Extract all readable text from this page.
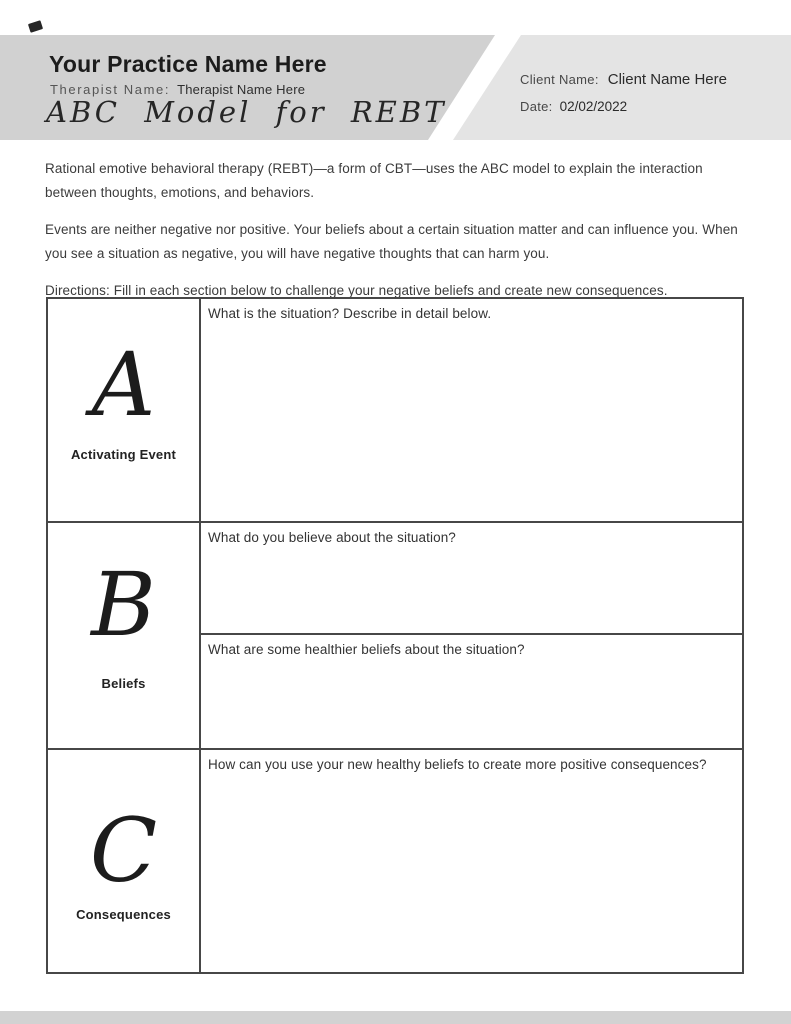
Your Practice Name Here
Therapist Name: Therapist Name Here
ABC Model for REBT
Client Name: Client Name Here
Date: 02/02/2022

Rational emotive behavioral therapy (REBT)—a form of CBT—uses the ABC model to explain the interaction between thoughts, emotions, and behaviors.

Events are neither negative nor positive. Your beliefs about a certain situation matter and can influence you. When you see a situation as negative, you will have negative thoughts that can harm you.

Directions: Fill in each section below to challenge your negative beliefs and create new consequences.

A
Activating Event
What is the situation? Describe in detail below.
B
Beliefs
What do you believe about the situation?
What are some healthier beliefs about the situation?
C
Consequences
How can you use your new healthy beliefs to create more positive consequences?
